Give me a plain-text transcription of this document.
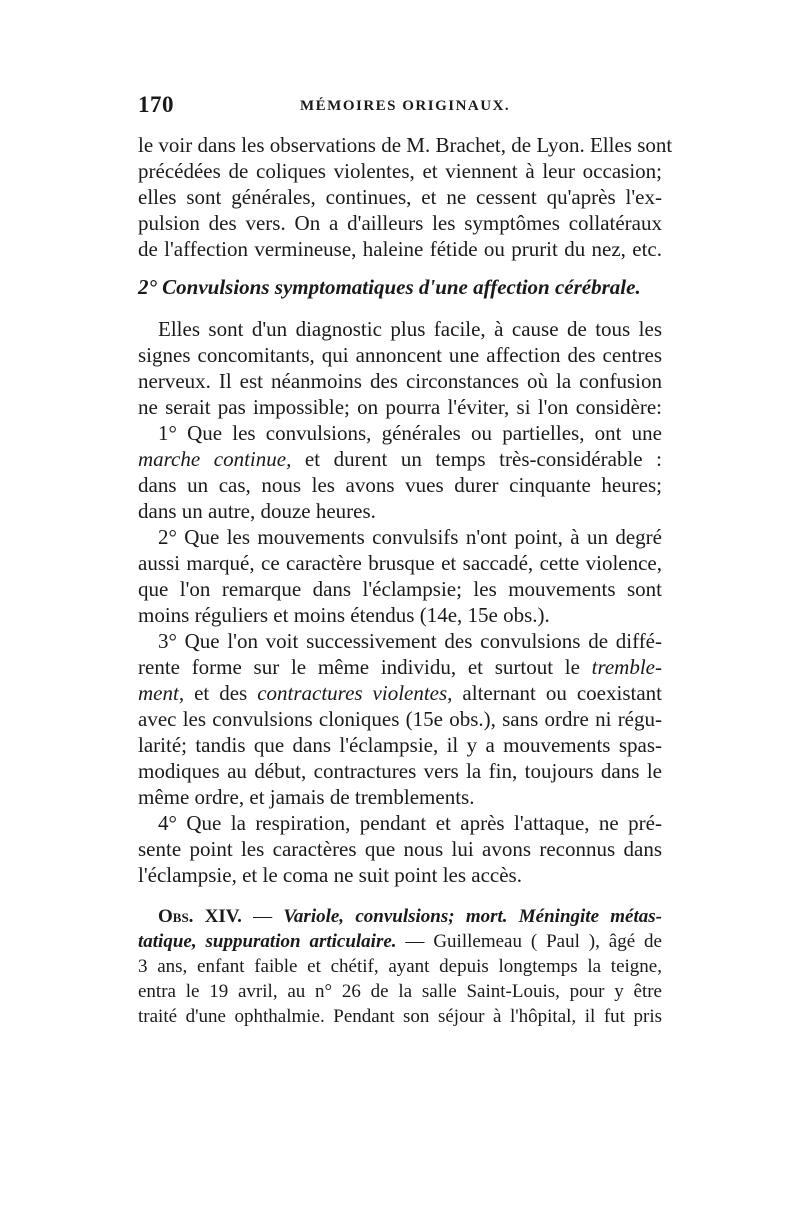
170	MÉMOIRES ORIGINAUX.
le voir dans les observations de M. Brachet, de Lyon. Elles sont
précédées de coliques violentes, et viennent à leur occasion;
elles sont générales, continues, et ne cessent qu'après l'ex-
pulsion des vers. On a d'ailleurs les symptômes collatéraux
de l'affection vermineuse, haleine fétide ou prurit du nez, etc.
2° Convulsions symptomatiques d'une affection cérébrale.
Elles sont d'un diagnostic plus facile, à cause de tous les
signes concomitants, qui annoncent une affection des centres
nerveux. Il est néanmoins des circonstances où la confusion
ne serait pas impossible; on pourra l'éviter, si l'on considère:
1° Que les convulsions, générales ou partielles, ont une
marche continue, et durent un temps très-considérable :
dans un cas, nous les avons vues durer cinquante heures;
dans un autre, douze heures.
2° Que les mouvements convulsifs n'ont point, à un degré
aussi marqué, ce caractère brusque et saccadé, cette violence,
que l'on remarque dans l'éclampsie; les mouvements sont
moins réguliers et moins étendus (14e, 15e obs.).
3° Que l'on voit successivement des convulsions de diffé-
rente forme sur le même individu, et surtout le tremble-
ment, et des contractures violentes, alternant ou coexistant
avec les convulsions cloniques (15e obs.), sans ordre ni régu-
larité; tandis que dans l'éclampsie, il y a mouvements spas-
modiques au début, contractures vers la fin, toujours dans le
même ordre, et jamais de tremblements.
4° Que la respiration, pendant et après l'attaque, ne pré-
sente point les caractères que nous lui avons reconnus dans
l'éclampsie, et le coma ne suit point les accès.
Obs. XIV. — Variole, convulsions; mort. Méningite métas-
tatique, suppuration articulaire. — Guillemeau ( Paul ), âgé de
3 ans, enfant faible et chétif, ayant depuis longtemps la teigne,
entra le 19 avril, au n° 26 de la salle Saint-Louis, pour y être
traité d'une ophthalmie. Pendant son séjour à l'hôpital, il fut pris
